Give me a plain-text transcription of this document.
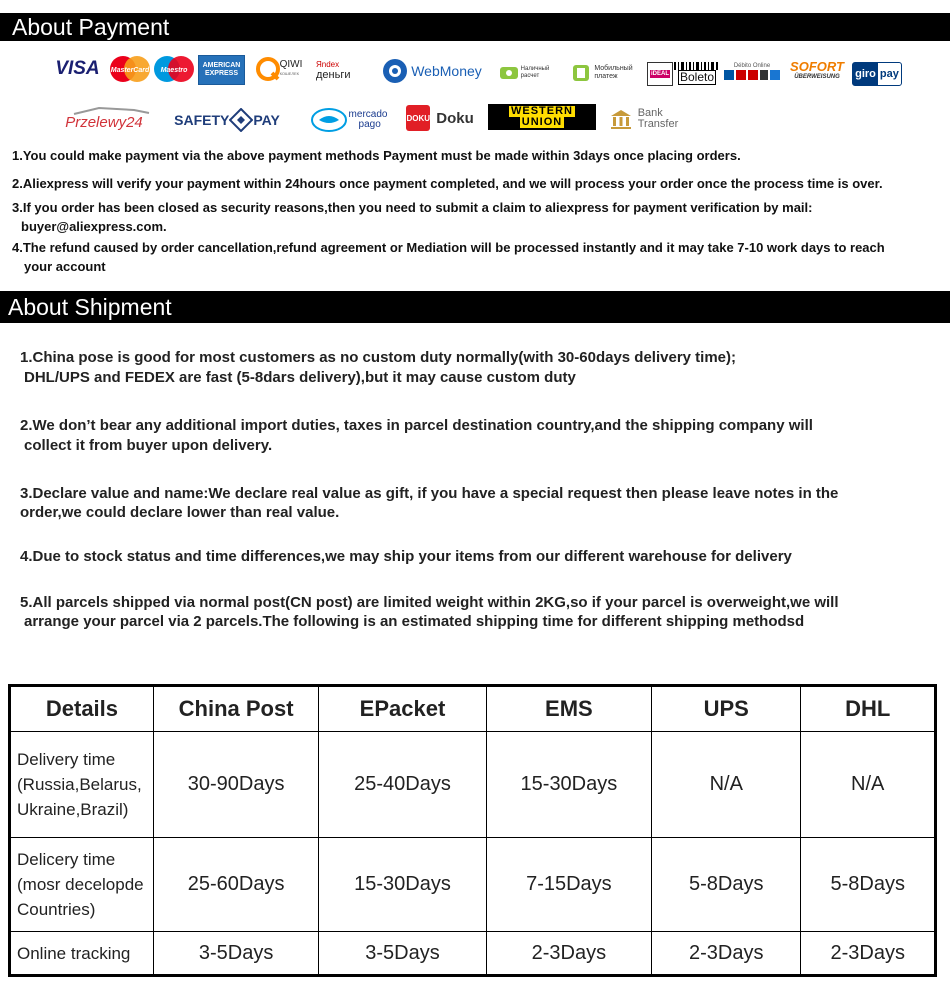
About Payment
VISA	MasterCard Maestro
AMERICAN
EXPRESS
QIWI
КОШЕЛЕК
Яndex
деньги	WebMoney	Наличный
расчет
Мобильный
платеж	iDEAL Boleto
Débito Online SOFORT
ÜBERWEISUNG giro pay
Przelewy24 SAFETY PAY	mercado
pago
DOKU Doku	WESTERN
UNION
Bank
Transfer
1.You could make payment via the above payment methods Payment must be made within 3days once placing orders.
2.Aliexpress will verify your payment within 24hours once payment completed, and we will process your order once the process time is over.
3.If you order has been closed as security reasons,then you need to submit a claim to aliexpress for payment verification by mail:
buyer@aliexpress.com.
4.The refund caused by order cancellation,refund agreement or Mediation will be processed instantly and it may take 7-10 work days to reach
your account
About Shipment
1.China pose is good for most customers as no custom duty normally(with 30-60days delivery time);
DHL/UPS and FEDEX are fast (5-8dars delivery),but it may cause custom duty
2.We don’t bear any additional import duties, taxes in parcel destination country,and the shipping company will
collect it from buyer upon delivery.
3.Declare value and name:We declare real value as gift, if you have a special request then please leave notes in the
order,we could declare lower than real value.
4.Due to stock status and time differences,we may ship your items from our different warehouse for delivery
5.All parcels shipped via normal post(CN post) are limited weight within 2KG,so if your parcel is overweight,we will
arrange your parcel via 2 parcels.The following is an estimated shipping time for different shipping methodsd
Details	China Post	EPacket	EMS	UPS	DHL

Delivery time
(Russia,Belarus,
Ukraine,Brazil)	30-90Days	25-40Days	15-30Days	N/A	N/A

Delicery time
(mosr decelopde
Countries)	25-60Days	15-30Days	7-15Days	5-8Days	5-8Days

Online tracking	3-5Days	3-5Days	2-3Days	2-3Days	2-3Days
